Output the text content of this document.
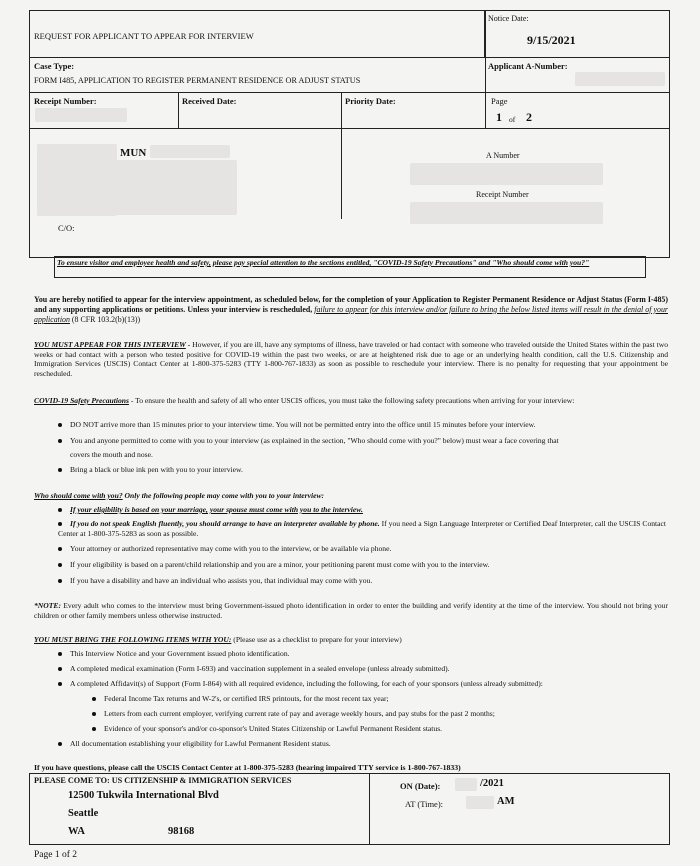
REQUEST FOR APPLICANT TO APPEAR FOR INTERVIEW
Notice Date:
9/15/2021
Case Type:
FORM I485, APPLICATION TO REGISTER PERMANENT RESIDENCE OR ADJUST STATUS
Applicant A-Number:
Receipt Number:	Received Date:	Priority Date:	Page
1 of 2
MUN
C/O:
A Number
Receipt Number
To ensure visitor and employee health and safety, please pay special attention to the sections entitled, "COVID-19 Safety Precautions" and "Who should come with you?"
You are hereby notified to appear for the interview appointment, as scheduled below, for the completion of your Application to Register Permanent Residence or Adjust Status (Form I-485) and any supporting applications or petitions. Unless your interview is rescheduled, failure to appear for this interview and/or failure to bring the below listed items will result in the denial of your application (8 CFR 103.2(b)(13))
YOU MUST APPEAR FOR THIS INTERVIEW - However, if you are ill, have any symptoms of illness, have traveled or had contact with someone who traveled outside the United States within the past two weeks or had contact with a person who tested positive for COVID-19 within the past two weeks, or are at heightened risk due to age or an underlying health condition, call the U.S. Citizenship and Immigration Services (USCIS) Contact Center at 1-800-375-5283 (TTY 1-800-767-1833) as soon as possible to reschedule your interview. There is no penalty for requesting that your appointment be rescheduled.
COVID-19 Safety Precautions - To ensure the health and safety of all who enter USCIS offices, you must take the following safety precautions when arriving for your interview:
DO NOT arrive more than 15 minutes prior to your interview time. You will not be permitted entry into the office until 15 minutes before your interview.
You and anyone permitted to come with you to your interview (as explained in the section, "Who should come with you?" below) must wear a face covering that
covers the mouth and nose.
Bring a black or blue ink pen with you to your interview.
Who should come with you? Only the following people may come with you to your interview:
If your eligibility is based on your marriage, your spouse must come with you to the interview.
If you do not speak English fluently, you should arrange to have an interpreter available by phone. If you need a Sign Language Interpreter or Certified Deaf Interpreter, call the USCIS Contact Center at 1-800-375-5283 as soon as possible.
Your attorney or authorized representative may come with you to the interview, or be available via phone.
If your eligibility is based on a parent/child relationship and you are a minor, your petitioning parent must come with you to the interview.
If you have a disability and have an individual who assists you, that individual may come with you.
*NOTE: Every adult who comes to the interview must bring Government-issued photo identification in order to enter the building and verify identity at the time of the interview. You should not bring your children or other family members unless otherwise instructed.
YOU MUST BRING THE FOLLOWING ITEMS WITH YOU: (Please use as a checklist to prepare for your interview)
This Interview Notice and your Government issued photo identification.
A completed medical examination (Form I-693) and vaccination supplement in a sealed envelope (unless already submitted).
A completed Affidavit(s) of Support (Form I-864) with all required evidence, including the following, for each of your sponsors (unless already submitted):
Federal Income Tax returns and W-2's, or certified IRS printouts, for the most recent tax year;
Letters from each current employer, verifying current rate of pay and average weekly hours, and pay stubs for the past 2 months;
Evidence of your sponsor's and/or co-sponsor's United States Citizenship or Lawful Permanent Resident status.
All documentation establishing your eligibility for Lawful Permanent Resident status.
If you have questions, please call the USCIS Contact Center at 1-800-375-5283 (hearing impaired TTY service is 1-800-767-1833)
PLEASE COME TO: US CITIZENSHIP & IMMIGRATION SERVICES
12500 Tukwila International Blvd
Seattle
WA	98168
ON (Date):	/2021
AT (Time):	AM
Page 1 of 2
